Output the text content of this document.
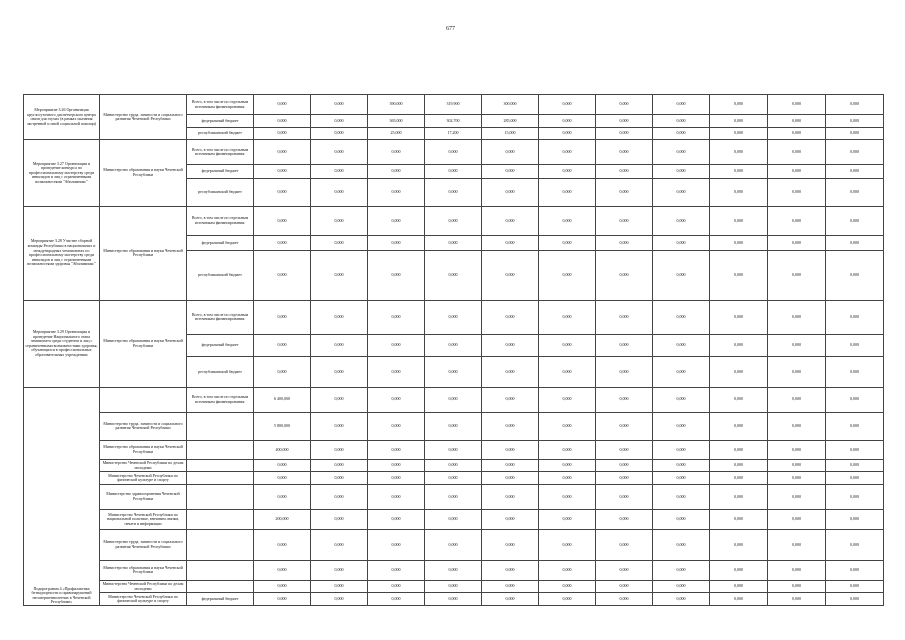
677
Мероприятие 3.26 Организация круглосуточного диспетчерского центра связи для глухих (в рамках оказания экстренной и иной социальной помощи)	Министерство труда, занятости и социального развития Чеченской Республики	Всего, в том числе по отдельным источникам финансирования:	0,000	0,000	390,000	319,900	300,000	0,000	0,000	0,000	0,000	0,000	0,000
		федеральный бюджет	0,000	0,000	365,000	302,700	285,000	0,000	0,000	0,000	0,000	0,000	0,000
		республиканский бюджет	0,000	0,000	25,000	17,200	15,000	0,000	0,000	0,000	0,000	0,000	0,000
Мероприятие 3.27 Организация и проведение конкурса по профессиональному мастерству среди инвалидов и лиц с ограниченными возможностями "Абилимпикс"	Министерство образования и науки Чеченской Республики	Всего, в том числе по отдельным источникам финансирования:	0,000	0,000	0,000	0,000	0,000	0,000	0,000	0,000	0,000	0,000	0,000
		федеральный бюджет	0,000	0,000	0,000	0,000	0,000	0,000	0,000	0,000	0,000	0,000	0,000
		республиканский бюджет	0,000	0,000	0,000	0,000	0,000	0,000	0,000	0,000	0,000	0,000	0,000
Мероприятие 3.28 Участие сборной команды Республики в национальных и международных чемпионатах по профессиональному мастерству среди инвалидов и лиц с ограниченными возможностями здоровья "Абилимпикс"	Министерство образования и науки Чеченской Республики	Всего, в том числе по отдельным источникам финансирования:	0,000	0,000	0,000	0,000	0,000	0,000	0,000	0,000	0,000	0,000	0,000
		федеральный бюджет	0,000	0,000	0,000	0,000	0,000	0,000	0,000	0,000	0,000	0,000	0,000
		республиканский бюджет	0,000	0,000	0,000	0,000	0,000	0,000	0,000	0,000	0,000	0,000	0,000
Мероприятие 3.29 Организация и проведение Национального этапа чемпионата среди студентов и лиц с ограниченными возможностями здоровья, обучающихся в профессиональных образовательных учреждениях	Министерство образования и науки Чеченской Республики	Всего, в том числе по отдельным источникам финансирования:	0,000	0,000	0,000	0,000	0,000	0,000	0,000	0,000	0,000	0,000	0,000
		федеральный бюджет	0,000	0,000	0,000	0,000	0,000	0,000	0,000	0,000	0,000	0,000	0,000
		республиканский бюджет	0,000	0,000	0,000	0,000	0,000	0,000	0,000	0,000	0,000	0,000	0,000
Подпрограмма 4 «Профилактика безнадзорности и правонарушений несовершеннолетних в Чеченской Республике»		Всего, в том числе по отдельным источникам финансирования:	6 400,000	0,000	0,000	0,000	0,000	0,000	0,000	0,000	0,000	0,000	0,000
	Министерство труда, занятости и социального развития Чеченской Республики		5 800,000	0,000	0,000	0,000	0,000	0,000	0,000	0,000	0,000	0,000	0,000
	Министерство образования и науки Чеченской Республики		400,000	0,000	0,000	0,000	0,000	0,000	0,000	0,000	0,000	0,000	0,000
	Министерство Чеченской Республики по делам молодежи		0,000	0,000	0,000	0,000	0,000	0,000	0,000	0,000	0,000	0,000	0,000
	Министерство Чеченской Республики по физической культуре и спорту		0,000	0,000	0,000	0,000	0,000	0,000	0,000	0,000	0,000	0,000	0,000
	Министерство здравоохранения Чеченской Республики		0,000	0,000	0,000	0,000	0,000	0,000	0,000	0,000	0,000	0,000	0,000
	Министерство Чеченской Республики по национальной политике, внешним связям, печати и информации		200,000	0,000	0,000	0,000	0,000	0,000	0,000	0,000	0,000	0,000	0,000
	Министерство труда, занятости и социального развития Чеченской Республики		0,000	0,000	0,000	0,000	0,000	0,000	0,000	0,000	0,000	0,000	0,000
	Министерство образования и науки Чеченской Республики		0,000	0,000	0,000	0,000	0,000	0,000	0,000	0,000	0,000	0,000	0,000
	Министерство Чеченской Республики по делам молодежи		0,000	0,000	0,000	0,000	0,000	0,000	0,000	0,000	0,000	0,000	0,000
	Министерство Чеченской Республики по физической культуре и спорту	федеральный бюджет	0,000	0,000	0,000	0,000	0,000	0,000	0,000	0,000	0,000	0,000	0,000
